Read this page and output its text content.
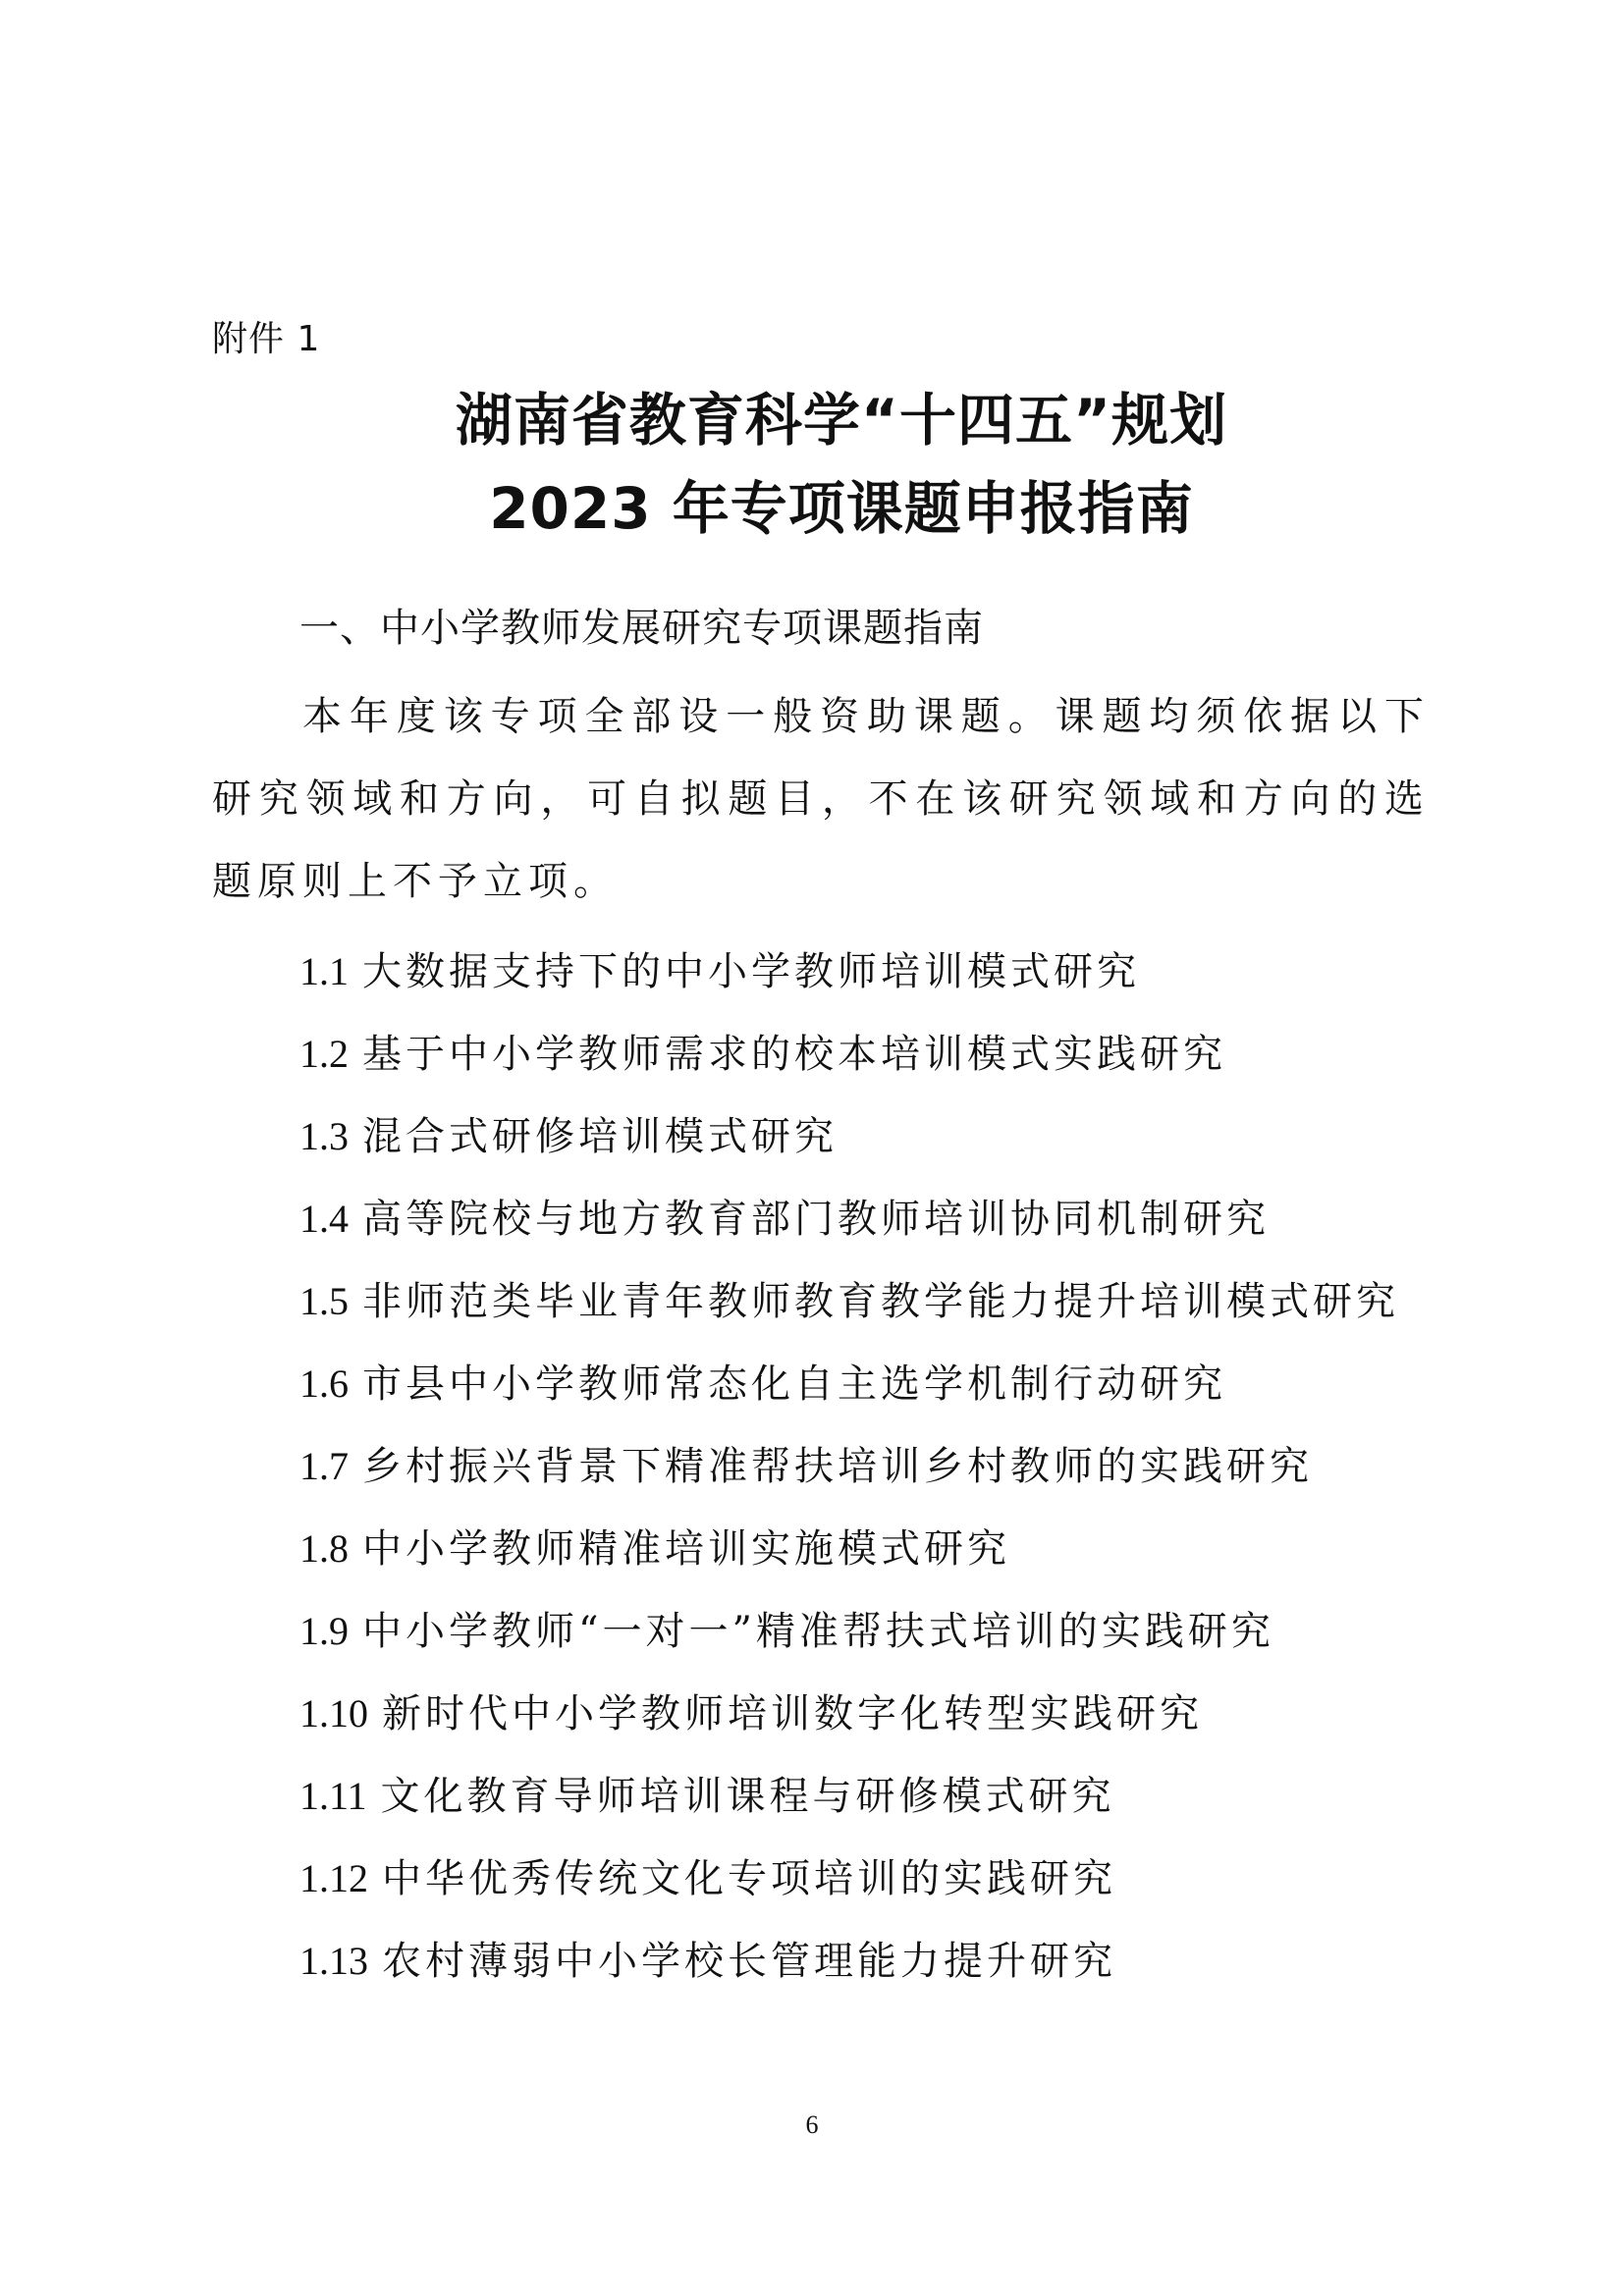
附件 1
湖南省教育科学“十四五”规划
2023 年专项课题申报指南
一、中小学教师发展研究专项课题指南

本年度该专项全部设一般资助课题。课题均须依据以下研究领域和方向，可自拟题目，不在该研究领域和方向的选题原则上不予立项。

1.1 大数据支持下的中小学教师培训模式研究
1.2 基于中小学教师需求的校本培训模式实践研究
1.3 混合式研修培训模式研究
1.4 高等院校与地方教育部门教师培训协同机制研究
1.5 非师范类毕业青年教师教育教学能力提升培训模式研究
1.6 市县中小学教师常态化自主选学机制行动研究
1.7 乡村振兴背景下精准帮扶培训乡村教师的实践研究
1.8 中小学教师精准培训实施模式研究
1.9 中小学教师“一对一”精准帮扶式培训的实践研究
1.10 新时代中小学教师培训数字化转型实践研究
1.11 文化教育导师培训课程与研修模式研究
1.12 中华优秀传统文化专项培训的实践研究
1.13 农村薄弱中小学校长管理能力提升研究
6
